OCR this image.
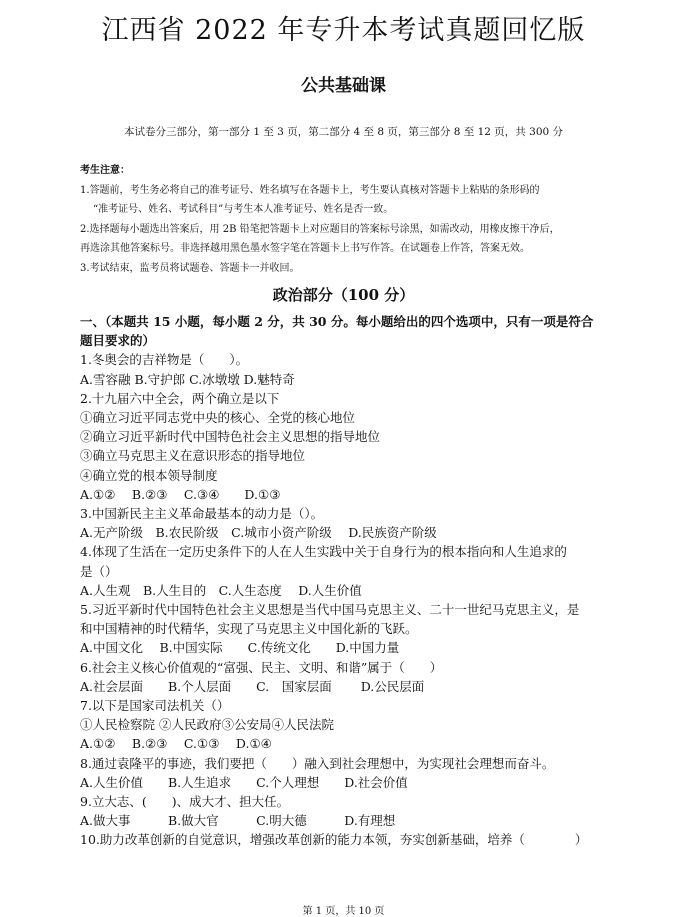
江西省 2022 年专升本考试真题回忆版
公共基础课
本试卷分三部分，第一部分 1 至 3 页，第二部分 4 至 8 页，第三部分 8 至 12 页，共 300 分
考生注意：
1.答题前，考生务必将自己的准考证号、姓名填写在各题卡上，考生要认真核对答题卡上粘贴的条形码的
“准考证号、姓名、考试科目”与考生本人准考证号、姓名是否一致。
2.选择题每小题选出答案后，用 2B 铅笔把答题卡上对应题目的答案标号涂黑，如需改动，用橡皮擦干净后，
再选涂其他答案标号。非选择越用黑色墨水签字笔在答题卡上书写作答。在试题卷上作答，答案无效。
3.考试结束，监考员将试题卷、答题卡一并收回。
政治部分（100 分）
一、（本题共 15 小题，每小题 2 分，共 30 分。每小题给出的四个选项中，只有一项是符合
题目要求的）
1.冬奥会的吉祥物是（　　）。
A.雪容融 B.守护郎 C.冰墩墩 D.魅特奇
2.十九届六中全会，两个确立是以下
①确立习近平同志党中央的核心、全党的核心地位
②确立习近平新时代中国特色社会主义思想的指导地位
③确立马克思主义在意识形态的指导地位
④确立党的根本领导制度
A.①②　 B.②③　 C.③④　　D.①③
3.中国新民主主义革命最基本的动力是（）。
A.无产阶级　B.农民阶级　C.城市小资产阶级　 D.民族资产阶级
4.体现了生活在一定历史条件下的人在人生实践中关于自身行为的根本指向和人生追求的
是（）
A.人生观　B.人生目的　C.人生态度　 D.人生价值
5.习近平新时代中国特色社会主义思想是当代中国马克思主义、二十一世纪马克思主义，是
和中国精神的时代精华，实现了马克思主义中国化新的飞跃。
A.中国文化　 B.中国实际　　C.传统文化　　D.中国力量
6.社会主义核心价值观的“富强、民主、文明、和谐”属于（　　）
A.社会层面　　B.个人层面　　C.　国家层面　　 D.公民层面
7.以下是国家司法机关（）
①人民检察院 ②人民政府③公安局④人民法院
A.①②　 B.②③　 C.①③　 D.①④
8.通过袁隆平的事迹，我们要把（　　）融入到社会理想中，为实现社会理想而奋斗。
A.人生价值　　B.人生追求　　C.个人理想　　D.社会价值
9.立大志、(　　)、成大才、担大任。
A.做大事　　　B.做大官　　　C.明大德　　　D.有理想
10.助力改革创新的自觉意识，增强改革创新的能力本领，夯实创新基础，培养（　　　　）
第 1 页，共 10 页
